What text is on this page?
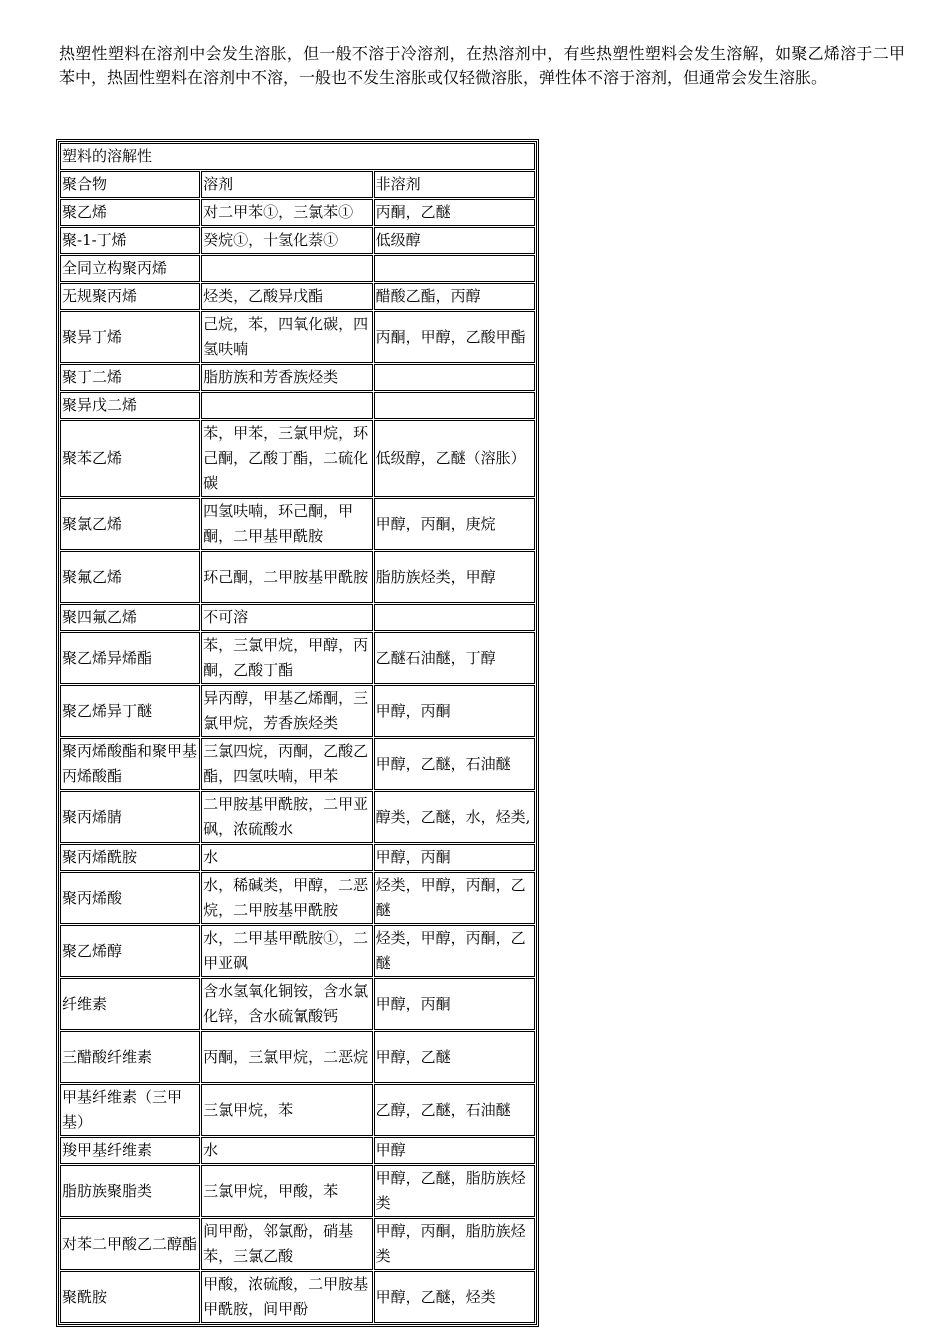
热塑性塑料在溶剂中会发生溶胀，但一般不溶于冷溶剂，在热溶剂中，有些热塑性塑料会发生溶解，如聚乙烯溶于二甲苯中，热固性塑料在溶剂中不溶，一般也不发生溶胀或仅轻微溶胀，弹性体不溶于溶剂，但通常会发生溶胀。

塑料的溶解性		
聚合物	溶剂	非溶剂
聚乙烯	对二甲苯①，三氯苯①	丙酮，乙醚
聚-1-丁烯	癸烷①，十氢化萘①	低级醇
全同立构聚丙烯		
无规聚丙烯	烃类，乙酸异戊酯	醋酸乙酯，丙醇
聚异丁烯	己烷，苯，四氧化碳，四氢呋喃	丙酮，甲醇，乙酸甲酯
聚丁二烯	脂肪族和芳香族烃类	
聚异戊二烯		
聚苯乙烯	苯，甲苯，三氯甲烷，环己酮，乙酸丁酯，二硫化碳	低级醇，乙醚（溶胀）
聚氯乙烯	四氢呋喃，环己酮，甲酮，二甲基甲酰胺	甲醇，丙酮，庚烷
聚氟乙烯	环己酮，二甲胺基甲酰胺	脂肪族烃类，甲醇
聚四氟乙烯	不可溶	
聚乙烯异烯酯	苯，三氯甲烷，甲醇，丙酮，乙酸丁酯	乙醚石油醚，丁醇
聚乙烯异丁醚	异丙醇，甲基乙烯酮，三氯甲烷，芳香族烃类	甲醇，丙酮
聚丙烯酸酯和聚甲基丙烯酸酯	三氯四烷，丙酮，乙酸乙酯，四氢呋喃，甲苯	甲醇，乙醚，石油醚
聚丙烯腈	二甲胺基甲酰胺，二甲亚砜，浓硫酸水	醇类，乙醚，水，烃类,
聚丙烯酰胺	水	甲醇，丙酮
聚丙烯酸	水，稀碱类，甲醇，二恶烷，二甲胺基甲酰胺	烃类，甲醇，丙酮，乙醚
聚乙烯醇	水，二甲基甲酰胺①，二甲亚砜	烃类，甲醇，丙酮，乙醚
纤维素	含水氢氧化铜铵，含水氯化锌，含水硫氰酸钙	甲醇，丙酮
三醋酸纤维素	丙酮，三氯甲烷，二恶烷	甲醇，乙醚
甲基纤维素（三甲基）	三氯甲烷，苯	乙醇，乙醚，石油醚
羧甲基纤维素	水	甲醇
脂肪族聚脂类	三氯甲烷，甲酸，苯	甲醇，乙醚，脂肪族烃类
对苯二甲酸乙二醇酯	间甲酚，邻氯酚，硝基苯，三氯乙酸	甲醇，丙酮，脂肪族烃类
聚酰胺	甲酸，浓硫酸，二甲胺基甲酰胺，间甲酚	甲醇，乙醚，烃类
